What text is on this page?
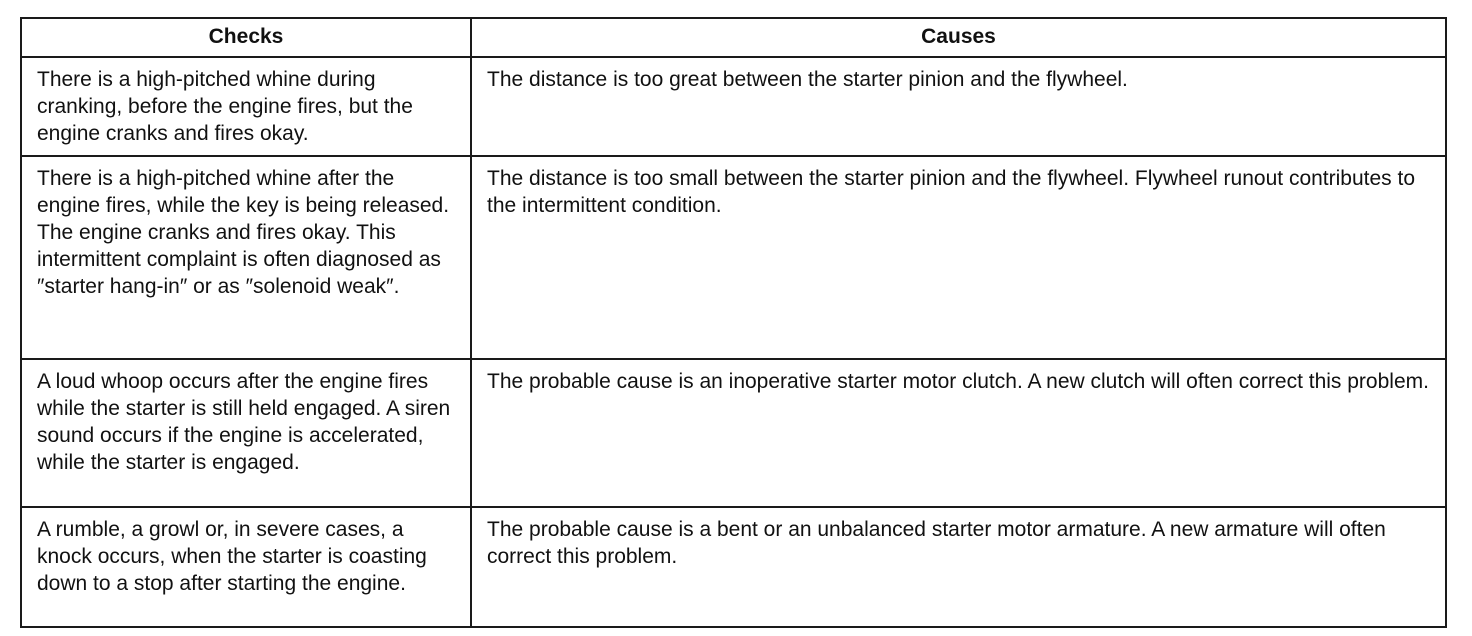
Checks	Causes
There is a high-pitched whine during cranking, before the engine fires, but the engine cranks and fires okay.	The distance is too great between the starter pinion and the flywheel.
There is a high-pitched whine after the engine fires, while the key is being released. The engine cranks and fires okay. This intermittent complaint is often diagnosed as ″starter hang-in″ or as ″solenoid weak″.	The distance is too small between the starter pinion and the flywheel. Flywheel runout contributes to the intermittent condition.
A loud whoop occurs after the engine fires while the starter is still held engaged. A siren sound occurs if the engine is accelerated, while the starter is engaged.	The probable cause is an inoperative starter motor clutch. A new clutch will often correct this problem.
A rumble, a growl or, in severe cases, a knock occurs, when the starter is coasting down to a stop after starting the engine.	The probable cause is a bent or an unbalanced starter motor armature. A new armature will often correct this problem.
